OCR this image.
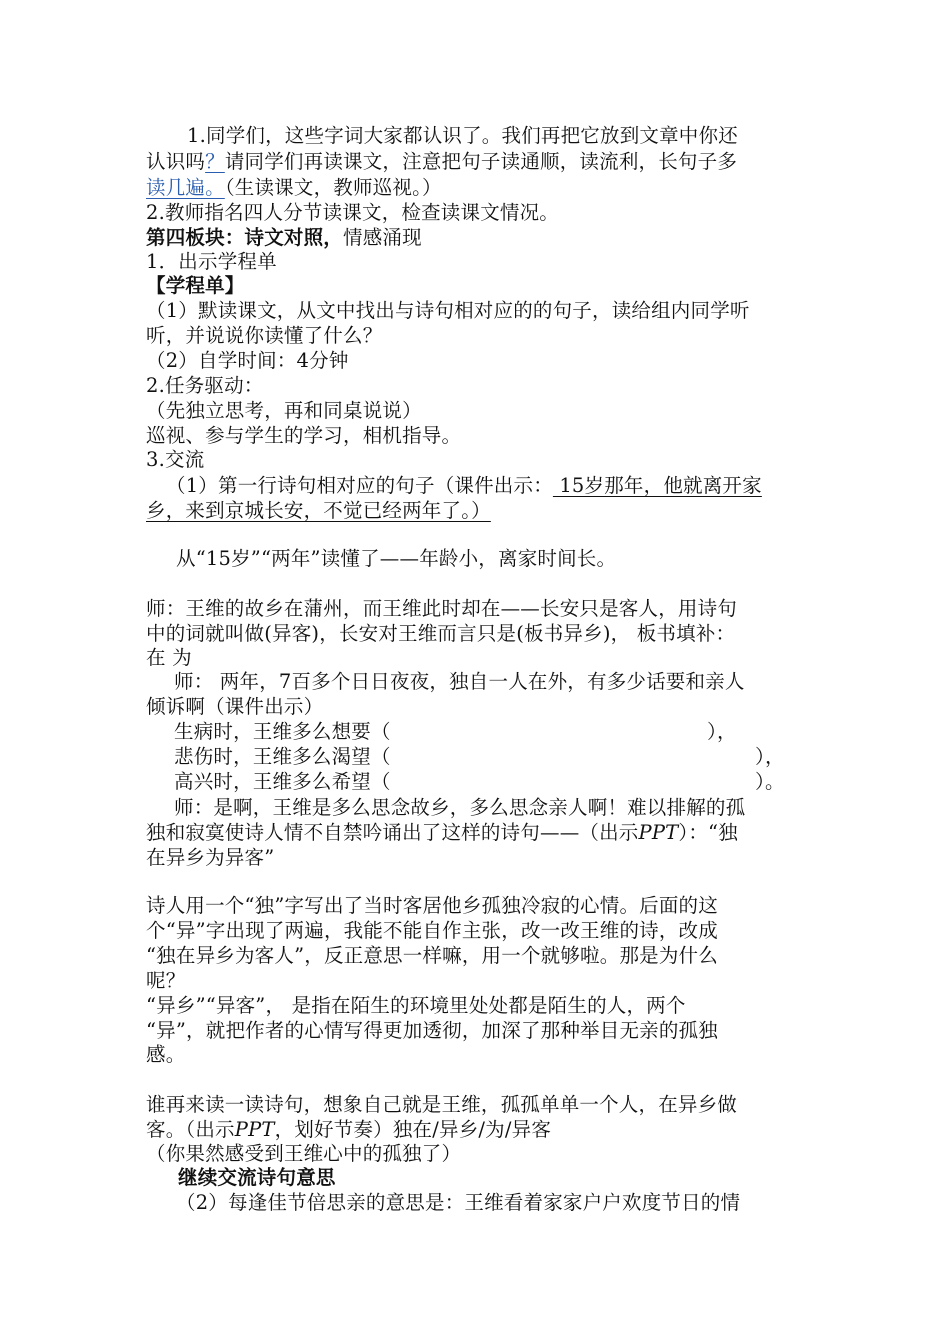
1.同学们，这些字词大家都认识了。我们再把它放到文章中你还
认识吗？请同学们再读课文，注意把句子读通顺，读流利，长句子多
读几遍。（生读课文，教师巡视。）
2.教师指名四人分节读课文，检查读课文情况。
第四板块：诗文对照，情感涌现
1．出示学程单
【学程单】
（1）默读课文，从文中找出与诗句相对应的的句子，读给组内同学听
听，并说说你读懂了什么？
（2）自学时间：4分钟
2.任务驱动：
（先独立思考，再和同桌说说）
巡视、参与学生的学习，相机指导。
3.交流
（1）第一行诗句相对应的句子（课件出示： 15岁那年，他就离开家
乡，来到京城长安，不觉已经两年了。）
从“15岁”“两年”读懂了——年龄小，离家时间长。
师：王维的故乡在蒲州，而王维此时却在——长安只是客人，用诗句
中的词就叫做(异客)，长安对王维而言只是(板书异乡)， 板书填补：
在 为
师： 两年，7百多个日日夜夜，独自一人在外，有多少话要和亲人
倾诉啊（课件出示）
生病时，王维多么想要（	），
悲伤时，王维多么渴望（	），
高兴时，王维多么希望（	）。
师：是啊，王维是多么思念故乡，多么思念亲人啊！难以排解的孤
独和寂寞使诗人情不自禁吟诵出了这样的诗句——（出示PPT）：“独
在异乡为异客”
诗人用一个“独”字写出了当时客居他乡孤独冷寂的心情。后面的这
个“异”字出现了两遍，我能不能自作主张，改一改王维的诗，改成
“独在异乡为客人”，反正意思一样嘛，用一个就够啦。那是为什么
呢？
“异乡”“异客”， 是指在陌生的环境里处处都是陌生的人，两个
“异”，就把作者的心情写得更加透彻，加深了那种举目无亲的孤独
感。
谁再来读一读诗句，想象自己就是王维，孤孤单单一个人，在异乡做
客。（出示PPT，划好节奏）独在/异乡/为/异客
（你果然感受到王维心中的孤独了）
继续交流诗句意思
（2）每逢佳节倍思亲的意思是：王维看着家家户户欢度节日的情
